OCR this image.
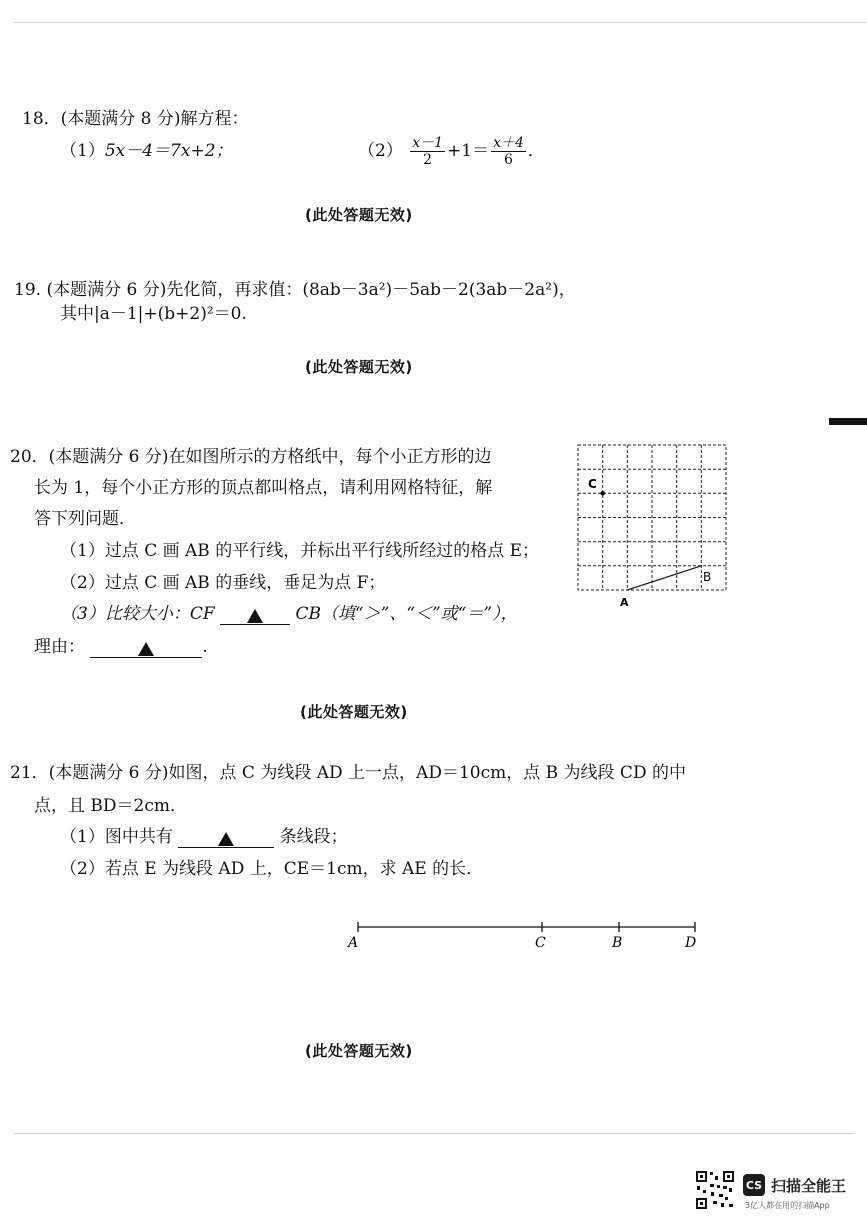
18．(本题满分 8 分)解方程：
（1）5x－4＝7x+2；	$(2) \frac{x-1}{2} +1= \frac{x+4}{6}$ ．
(此处答题无效)
19. (本题满分 6 分)先化简，再求值：(8ab－3a²)－5ab－2(3ab－2a²)，
其中|a－1|+(b+2)²＝0.
(此处答题无效)
20．(本题满分 6 分)在如图所示的方格纸中，每个小正方形的边
长为 1，每个小正方形的顶点都叫格点，请利用网格特征，解
答下列问题．
（1）过点 C 画 AB 的平行线，并标出平行线所经过的格点 E；
（2）过点 C 画 AB 的垂线，垂足为点 F；
（3）比较大小：CF	CB（填“＞”、“＜”或“＝”），
理由：	.
C
A
B
(此处答题无效)
21．(本题满分 6 分)如图，点 C 为线段 AD 上一点，AD＝10cm，点 B 为线段 CD 的中
点，且 BD＝2cm．
（1）图中共有	条线段；
（2）若点 E 为线段 AD 上，CE＝1cm，求 AE 的长．
A	C	B	D
(此处答题无效)
CS 扫描全能王
3亿人都在用的扫描App
